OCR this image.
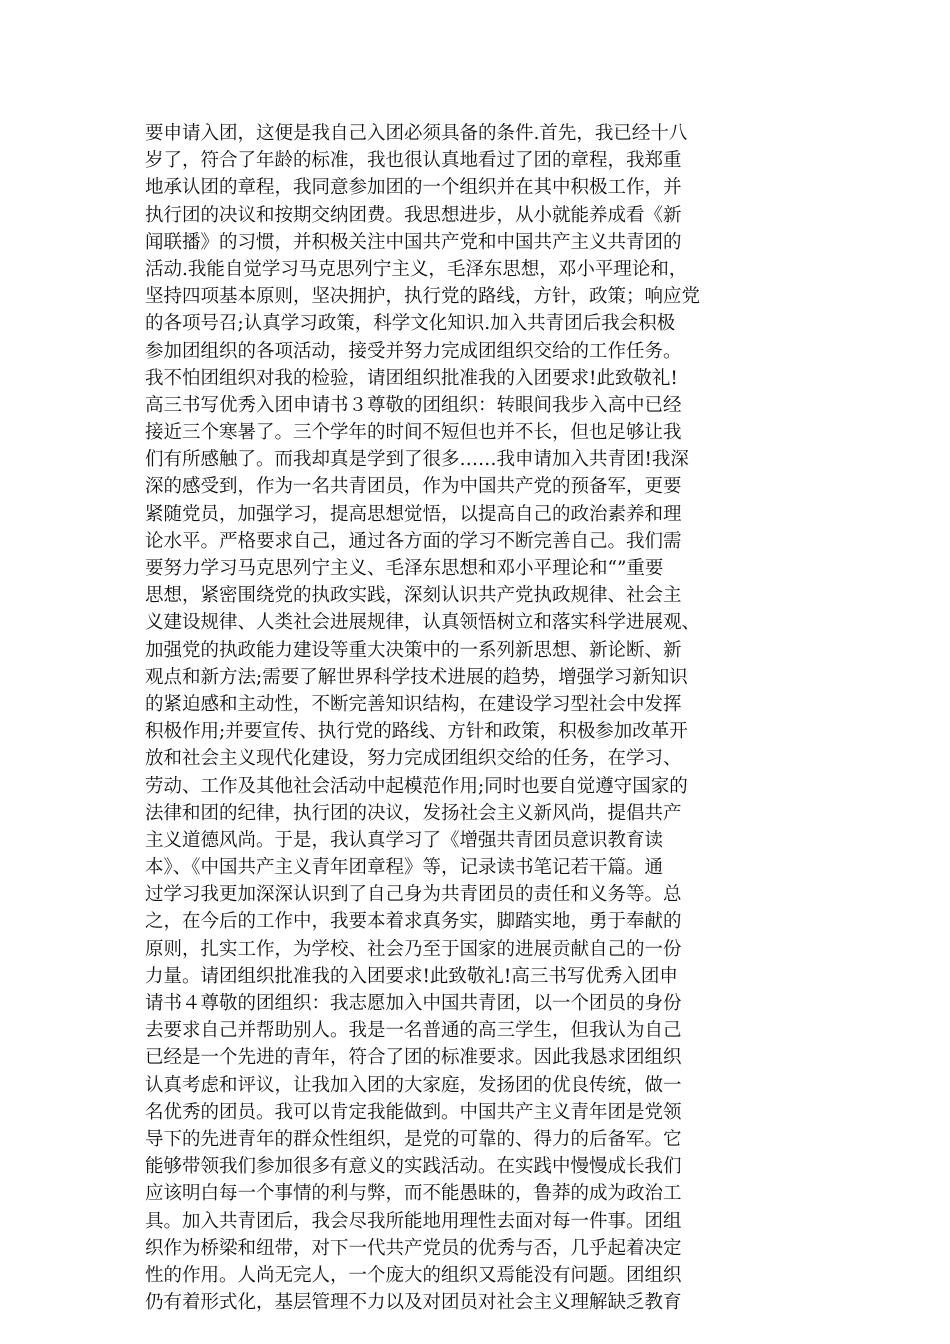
要申请入团，这便是我自己入团必须具备的条件.首先，我已经十八
岁了，符合了年龄的标准，我也很认真地看过了团的章程，我郑重
地承认团的章程，我同意参加团的一个组织并在其中积极工作，并
执行团的决议和按期交纳团费。我思想进步，从小就能养成看《新
闻联播》的习惯，并积极关注中国共产党和中国共产主义共青团的
活动.我能自觉学习马克思列宁主义，毛泽东思想，邓小平理论和，
坚持四项基本原则，坚决拥护，执行党的路线，方针，政策；响应党
的各项号召;认真学习政策，科学文化知识.加入共青团后我会积极
参加团组织的各项活动，接受并努力完成团组织交给的工作任务。
我不怕团组织对我的检验，请团组织批准我的入团要求!此致敬礼!
高三书写优秀入团申请书３尊敬的团组织：转眼间我步入高中已经
接近三个寒暑了。三个学年的时间不短但也并不长，但也足够让我
们有所感触了。而我却真是学到了很多……我申请加入共青团!我深
深的感受到，作为一名共青团员，作为中国共产党的预备军，更要
紧随党员，加强学习，提高思想觉悟，以提高自己的政治素养和理
论水平。严格要求自己，通过各方面的学习不断完善自己。我们需
要努力学习马克思列宁主义、毛泽东思想和邓小平理论和“”重要
思想，紧密围绕党的执政实践，深刻认识共产党执政规律、社会主
义建设规律、人类社会进展规律，认真领悟树立和落实科学进展观、
加强党的执政能力建设等重大决策中的一系列新思想、新论断、新
观点和新方法;需要了解世界科学技术进展的趋势，增强学习新知识
的紧迫感和主动性，不断完善知识结构，在建设学习型社会中发挥
积极作用;并要宣传、执行党的路线、方针和政策，积极参加改革开
放和社会主义现代化建设，努力完成团组织交给的任务，在学习、
劳动、工作及其他社会活动中起模范作用;同时也要自觉遵守国家的
法律和团的纪律，执行团的决议，发扬社会主义新风尚，提倡共产
主义道德风尚。于是，我认真学习了《增强共青团员意识教育读
本》、《中国共产主义青年团章程》等，记录读书笔记若干篇。通
过学习我更加深深认识到了自己身为共青团员的责任和义务等。总
之，在今后的工作中，我要本着求真务实，脚踏实地，勇于奉献的
原则，扎实工作，为学校、社会乃至于国家的进展贡献自己的一份
力量。请团组织批准我的入团要求!此致敬礼!高三书写优秀入团申
请书４尊敬的团组织：我志愿加入中国共青团，以一个团员的身份
去要求自己并帮助别人。我是一名普通的高三学生，但我认为自己
已经是一个先进的青年，符合了团的标准要求。因此我恳求团组织
认真考虑和评议，让我加入团的大家庭，发扬团的优良传统，做一
名优秀的团员。我可以肯定我能做到。中国共产主义青年团是党领
导下的先进青年的群众性组织，是党的可靠的、得力的后备军。它
能够带领我们参加很多有意义的实践活动。在实践中慢慢成长我们
应该明白每一个事情的利与弊，而不能愚昧的，鲁莽的成为政治工
具。加入共青团后，我会尽我所能地用理性去面对每一件事。团组
织作为桥梁和纽带，对下一代共产党员的优秀与否，几乎起着决定
性的作用。人尚无完人，一个庞大的组织又焉能没有问题。团组织
仍有着形式化，基层管理不力以及对团员对社会主义理解缺乏教育
